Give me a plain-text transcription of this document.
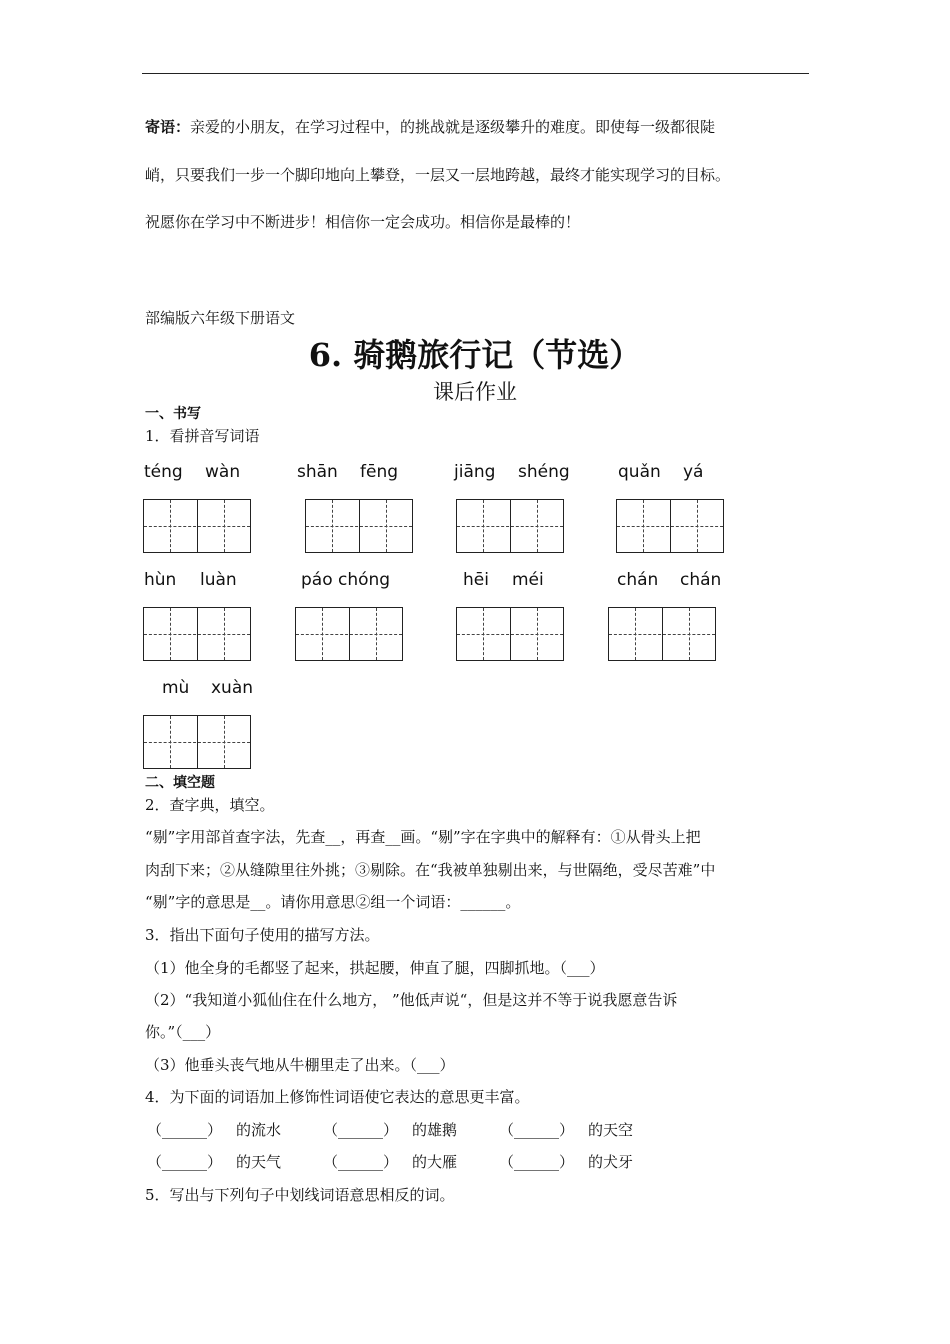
寄语：亲爱的小朋友，在学习过程中，的挑战就是逐级攀升的难度。即使每一级都很陡
峭，只要我们一步一个脚印地向上攀登，一层又一层地跨越，最终才能实现学习的目标。
祝愿你在学习中不断进步！相信你一定会成功。相信你是最棒的！
部编版六年级下册语文
6. 骑鹅旅行记（节选）
课后作业
一、书写
1．看拼音写词语
téng wàn	shān fēng	jiāng shéng	quǎn yá
hùn luàn	páo chóng	hēi méi	chán chán
mù xuàn
二、填空题
2．查字典，填空。
“剔”字用部首查字法，先查__，再查__画。“剔”字在字典中的解释有：①从骨头上把
肉刮下来；②从缝隙里往外挑；③剔除。在“我被单独剔出来，与世隔绝，受尽苦难”中
“剔”字的意思是__。请你用意思②组一个词语：______。
3．指出下面句子使用的描写方法。
（1）他全身的毛都竖了起来，拱起腰，伸直了腿，四脚抓地。（___）
（2）“我知道小狐仙住在什么地方， ”他低声说“，但是这并不等于说我愿意告诉
你。”（___）
（3）他垂头丧气地从牛棚里走了出来。（___）
4．为下面的词语加上修饰性词语使它表达的意思更丰富。
（______） 的流水	（______） 的雄鹅	（______） 的天空
（______） 的天气	（______） 的大雁	（______） 的犬牙
5．写出与下列句子中划线词语意思相反的词。
